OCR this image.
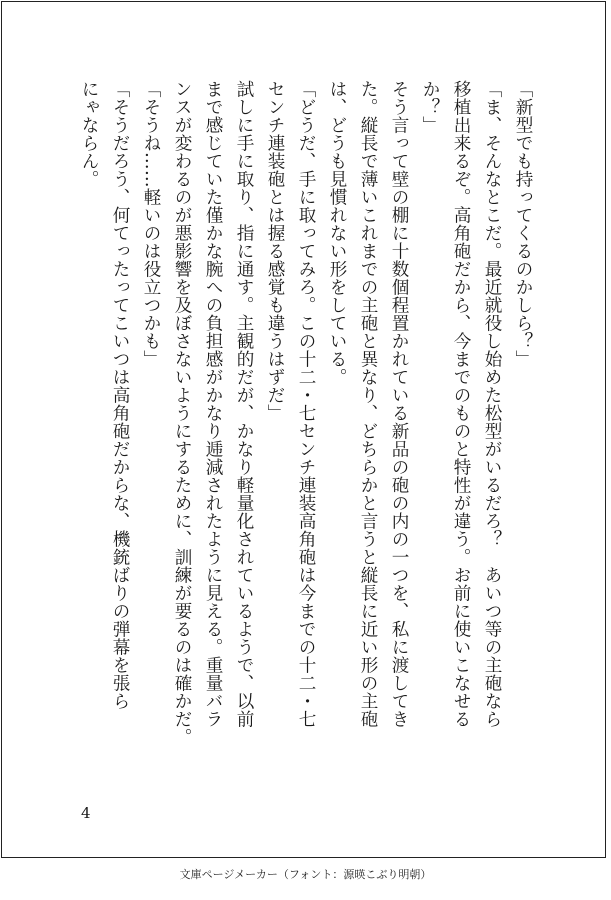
「新型でも持ってくるのかしら？」
「ま、そんなとこだ。最近就役し始めた松型がいるだろ？　あいつ等の主砲なら
移植出来るぞ。高角砲だから、今までのものと特性が違う。お前に使いこなせる
か？」
そう言って壁の棚に十数個程置かれている新品の砲の内の一つを、私に渡してき
た。縦長で薄いこれまでの主砲と異なり、どちらかと言うと縦長に近い形の主砲
は、どうも見慣れない形をしている。
「どうだ、手に取ってみろ。この十二・七センチ連装高角砲は今までの十二・七
センチ連装砲とは握る感覚も違うはずだ」
試しに手に取り、指に通す。主観的だが、かなり軽量化されているようで、以前
まで感じていた僅かな腕への負担感がかなり逓減されたように見える。重量バラ
ンスが変わるのが悪影響を及ぼさないようにするために、訓練が要るのは確かだ。
「そうね……軽いのは役立つかも」
「そうだろう、何てったってこいつは高角砲だからな、機銃ばりの弾幕を張ら
にゃならん。
4
文庫ページメーカー（フォント：源暎こぶり明朝）
